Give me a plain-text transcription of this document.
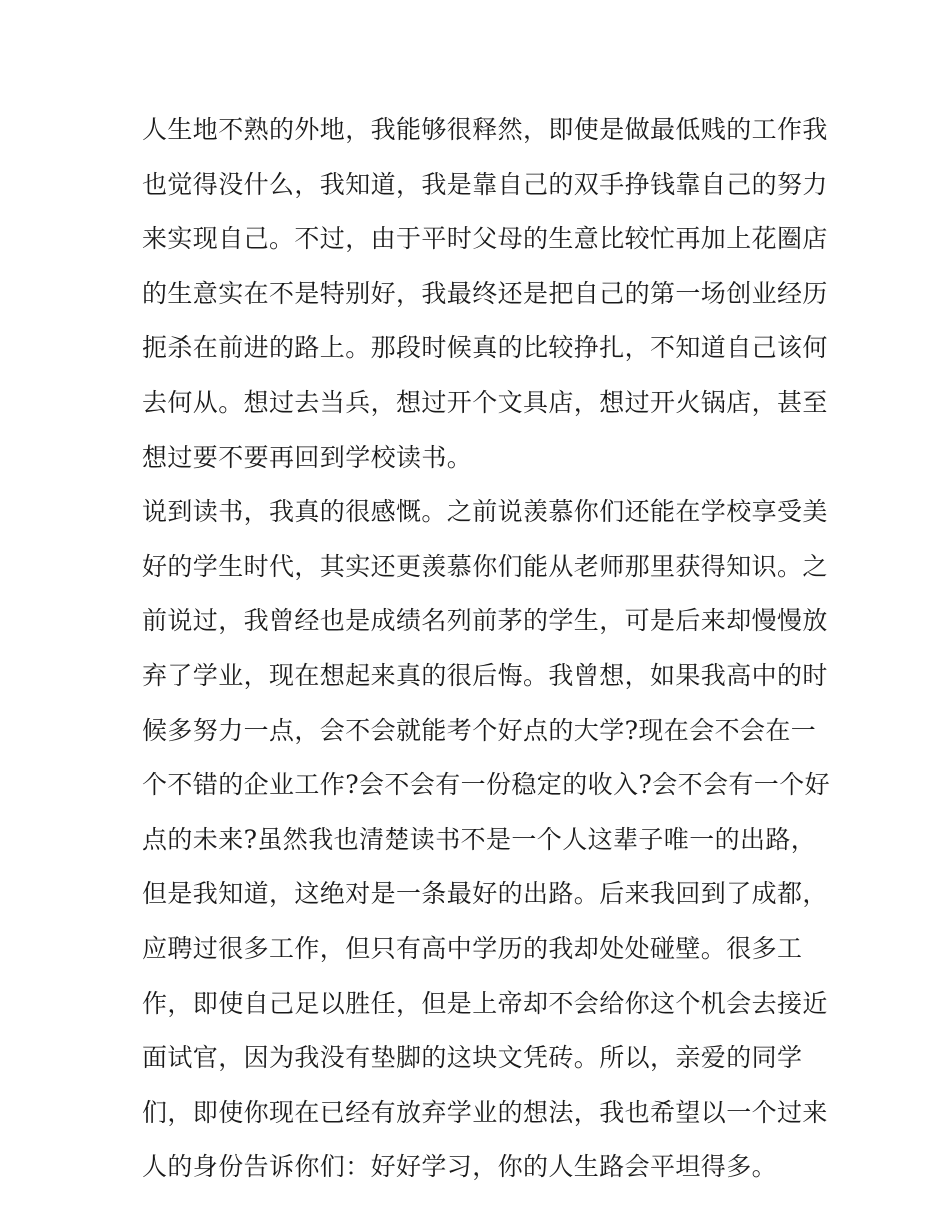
人生地不熟的外地，我能够很释然，即使是做最低贱的工作我
也觉得没什么，我知道，我是靠自己的双手挣钱靠自己的努力
来实现自己。不过，由于平时父母的生意比较忙再加上花圈店
的生意实在不是特别好，我最终还是把自己的第一场创业经历
扼杀在前进的路上。那段时候真的比较挣扎，不知道自己该何
去何从。想过去当兵，想过开个文具店，想过开火锅店，甚至
想过要不要再回到学校读书。
说到读书，我真的很感慨。之前说羡慕你们还能在学校享受美
好的学生时代，其实还更羡慕你们能从老师那里获得知识。之
前说过，我曾经也是成绩名列前茅的学生，可是后来却慢慢放
弃了学业，现在想起来真的很后悔。我曾想，如果我高中的时
候多努力一点，会不会就能考个好点的大学?现在会不会在一
个不错的企业工作?会不会有一份稳定的收入?会不会有一个好
点的未来?虽然我也清楚读书不是一个人这辈子唯一的出路，
但是我知道，这绝对是一条最好的出路。后来我回到了成都，
应聘过很多工作，但只有高中学历的我却处处碰壁。很多工
作，即使自己足以胜任，但是上帝却不会给你这个机会去接近
面试官，因为我没有垫脚的这块文凭砖。所以，亲爱的同学
们，即使你现在已经有放弃学业的想法，我也希望以一个过来
人的身份告诉你们：好好学习，你的人生路会平坦得多。
